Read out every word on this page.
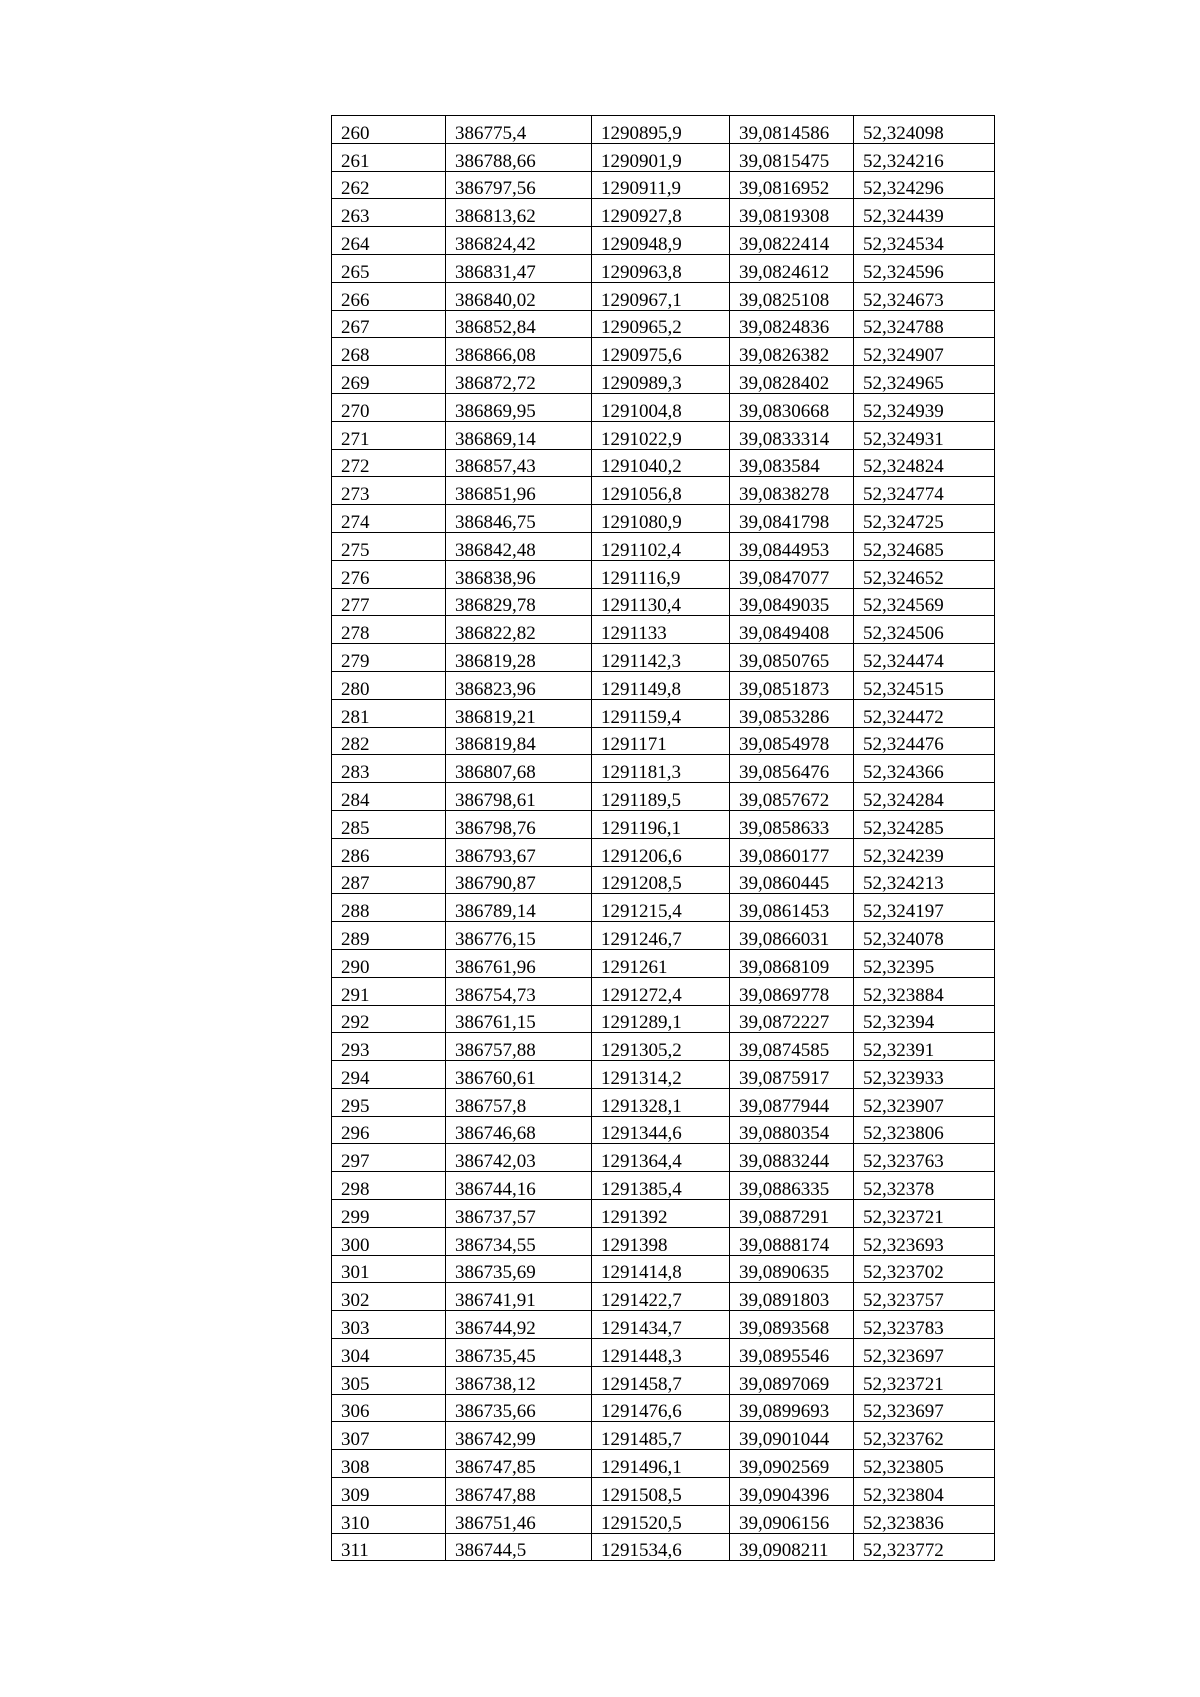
260	386775,4	1290895,9	39,0814586	52,324098
261	386788,66	1290901,9	39,0815475	52,324216
262	386797,56	1290911,9	39,0816952	52,324296
263	386813,62	1290927,8	39,0819308	52,324439
264	386824,42	1290948,9	39,0822414	52,324534
265	386831,47	1290963,8	39,0824612	52,324596
266	386840,02	1290967,1	39,0825108	52,324673
267	386852,84	1290965,2	39,0824836	52,324788
268	386866,08	1290975,6	39,0826382	52,324907
269	386872,72	1290989,3	39,0828402	52,324965
270	386869,95	1291004,8	39,0830668	52,324939
271	386869,14	1291022,9	39,0833314	52,324931
272	386857,43	1291040,2	39,083584	52,324824
273	386851,96	1291056,8	39,0838278	52,324774
274	386846,75	1291080,9	39,0841798	52,324725
275	386842,48	1291102,4	39,0844953	52,324685
276	386838,96	1291116,9	39,0847077	52,324652
277	386829,78	1291130,4	39,0849035	52,324569
278	386822,82	1291133	39,0849408	52,324506
279	386819,28	1291142,3	39,0850765	52,324474
280	386823,96	1291149,8	39,0851873	52,324515
281	386819,21	1291159,4	39,0853286	52,324472
282	386819,84	1291171	39,0854978	52,324476
283	386807,68	1291181,3	39,0856476	52,324366
284	386798,61	1291189,5	39,0857672	52,324284
285	386798,76	1291196,1	39,0858633	52,324285
286	386793,67	1291206,6	39,0860177	52,324239
287	386790,87	1291208,5	39,0860445	52,324213
288	386789,14	1291215,4	39,0861453	52,324197
289	386776,15	1291246,7	39,0866031	52,324078
290	386761,96	1291261	39,0868109	52,32395
291	386754,73	1291272,4	39,0869778	52,323884
292	386761,15	1291289,1	39,0872227	52,32394
293	386757,88	1291305,2	39,0874585	52,32391
294	386760,61	1291314,2	39,0875917	52,323933
295	386757,8	1291328,1	39,0877944	52,323907
296	386746,68	1291344,6	39,0880354	52,323806
297	386742,03	1291364,4	39,0883244	52,323763
298	386744,16	1291385,4	39,0886335	52,32378
299	386737,57	1291392	39,0887291	52,323721
300	386734,55	1291398	39,0888174	52,323693
301	386735,69	1291414,8	39,0890635	52,323702
302	386741,91	1291422,7	39,0891803	52,323757
303	386744,92	1291434,7	39,0893568	52,323783
304	386735,45	1291448,3	39,0895546	52,323697
305	386738,12	1291458,7	39,0897069	52,323721
306	386735,66	1291476,6	39,0899693	52,323697
307	386742,99	1291485,7	39,0901044	52,323762
308	386747,85	1291496,1	39,0902569	52,323805
309	386747,88	1291508,5	39,0904396	52,323804
310	386751,46	1291520,5	39,0906156	52,323836
311	386744,5	1291534,6	39,0908211	52,323772
